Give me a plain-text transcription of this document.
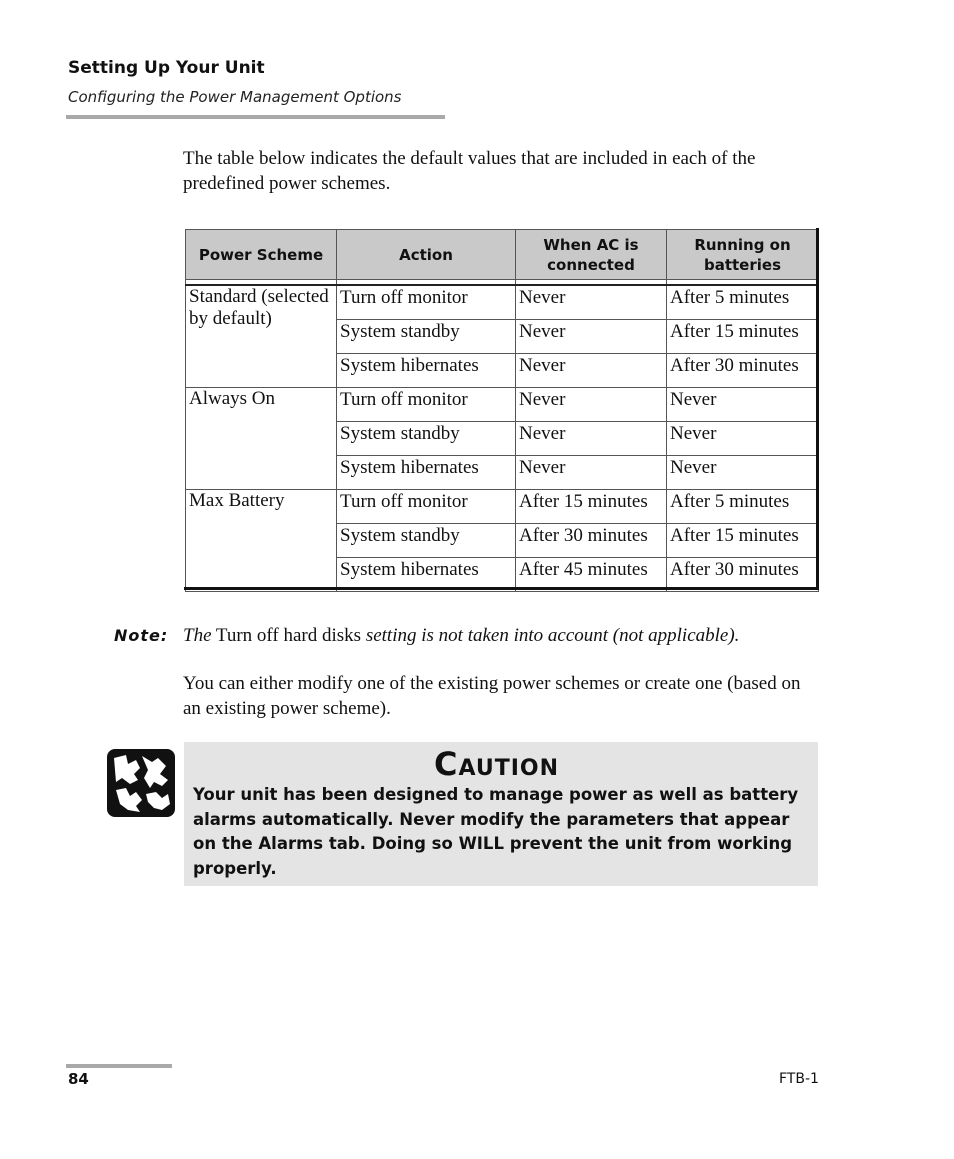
Setting Up Your Unit
Configuring the Power Management Options

The table below indicates the default values that are included in each of the predefined power schemes.

Power Scheme	Action	When AC is connected	Running on batteries

Standard (selected by default)	Turn off monitor	Never	After 5 minutes
	System standby	Never	After 15 minutes
	System hibernates	Never	After 30 minutes
Always On	Turn off monitor	Never	Never
	System standby	Never	Never
	System hibernates	Never	Never
Max Battery	Turn off monitor	After 15 minutes	After 5 minutes
	System standby	After 30 minutes	After 15 minutes
	System hibernates	After 45 minutes	After 30 minutes
Note: The Turn off hard disks setting is not taken into account (not applicable).

You can either modify one of the existing power schemes or create one (based on an existing power scheme).

Caution
Your unit has been designed to manage power as well as battery alarms automatically. Never modify the parameters that appear on the Alarms tab. Doing so WILL prevent the unit from working properly.
84	FTB-1
